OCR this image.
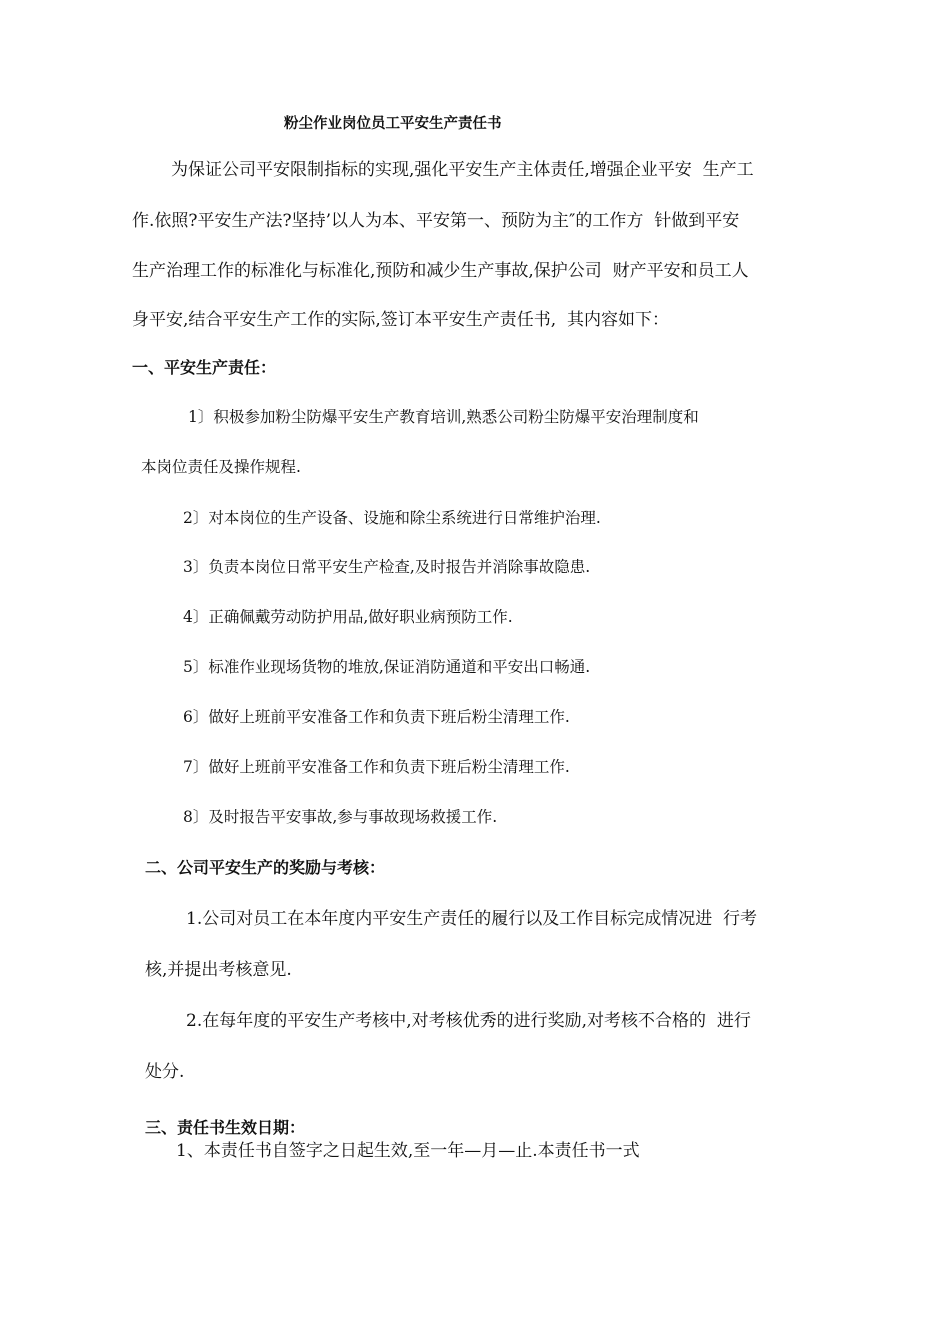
粉尘作业岗位员工平安生产责任书
为保证公司平安限制指标的实现,强化平安生产主体责任,增强企业平安  生产工
作.依照?平安生产法?坚持’以人为本、平安第一、预防为主″的工作方  针做到平安
生产治理工作的标准化与标准化,预防和减少生产事故,保护公司  财产平安和员工人
身平安,结合平安生产工作的实际,签订本平安生产责任书,  其内容如下：
一、平安生产责任：
1〕积极参加粉尘防爆平安生产教育培训,熟悉公司粉尘防爆平安治理制度和
本岗位责任及操作规程.
2〕对本岗位的生产设备、设施和除尘系统进行日常维护治理.
3〕负责本岗位日常平安生产检查,及时报告并消除事故隐患.
4〕正确佩戴劳动防护用品,做好职业病预防工作.
5〕标准作业现场货物的堆放,保证消防通道和平安出口畅通.
6〕做好上班前平安准备工作和负责下班后粉尘清理工作.
7〕做好上班前平安准备工作和负责下班后粉尘清理工作.
8〕及时报告平安事故,参与事故现场救援工作.
二、公司平安生产的奖励与考核：
1.公司对员工在本年度内平安生产责任的履行以及工作目标完成情况进  行考
核,并提出考核意见.
2.在每年度的平安生产考核中,对考核优秀的进行奖励,对考核不合格的  进行
处分.
三、责任书生效日期：
1、本责任书自签字之日起生效,至一年—月—止.本责任书一式
